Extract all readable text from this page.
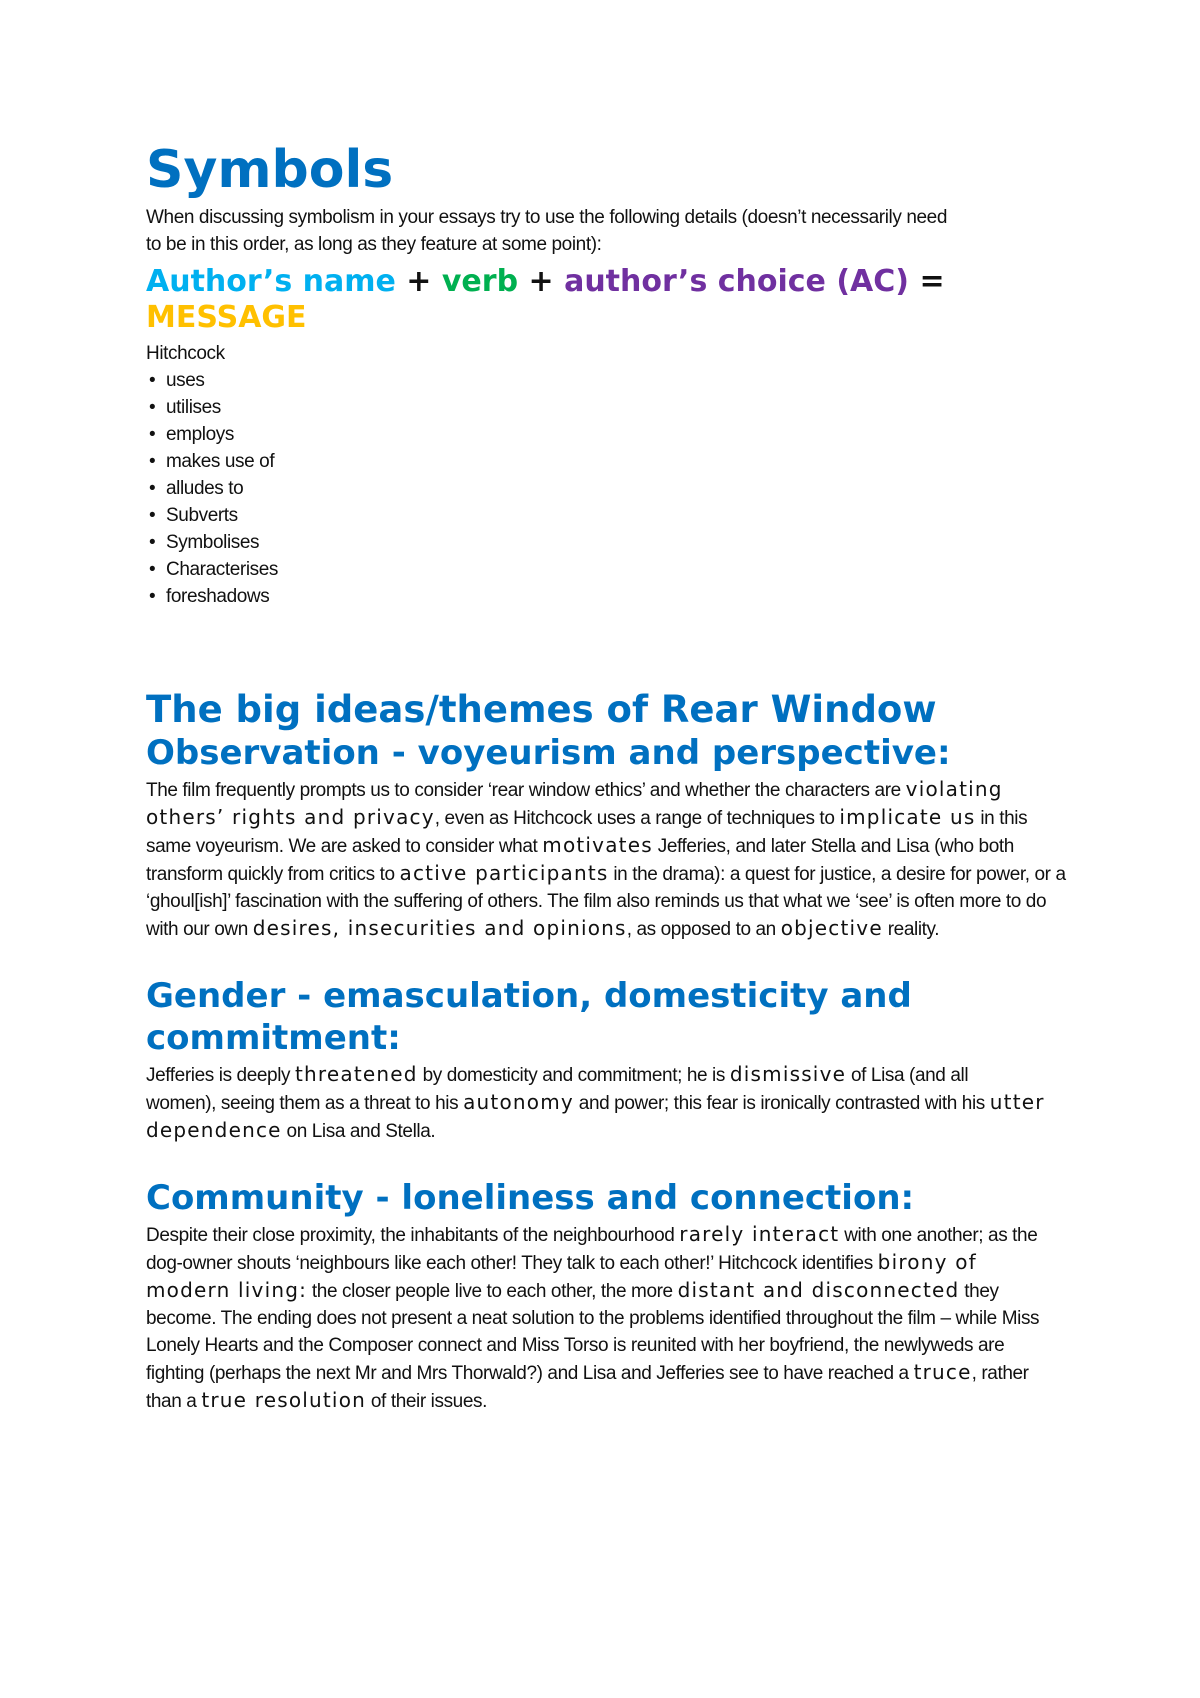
Symbols
When discussing symbolism in your essays try to use the following details (doesn’t necessarily need
to be in this order, as long as they feature at some point):
Author’s name + verb + author’s choice (AC) =
MESSAGE
Hitchcock
• uses
• utilises
• employs
• makes use of
• alludes to
• Subverts
• Symbolises
• Characterises
• foreshadows
The big ideas/themes of Rear Window
Observation - voyeurism and perspective:

The film frequently prompts us to consider ‘rear window ethics’ and whether the characters are violating others’ rights and privacy, even as Hitchcock uses a range of techniques to implicate us in this same voyeurism. We are asked to consider what motivates Jefferies, and later Stella and Lisa (who both transform quickly from critics to active participants in the drama): a quest for justice, a desire for power, or a ‘ghoul[ish]’ fascination with the suffering of others. The film also reminds us that what we ‘see’ is often more to do with our own desires, insecurities and opinions, as opposed to an objective reality.

Gender - emasculation, domesticity and commitment:

Jefferies is deeply threatened by domesticity and commitment; he is dismissive of Lisa (and all
women), seeing them as a threat to his autonomy and power; this fear is ironically contrasted with his utter dependence on Lisa and Stella.

Community - loneliness and connection:

Despite their close proximity, the inhabitants of the neighbourhood rarely interact with one another; as the dog-owner shouts ‘neighbours like each other! They talk to each other!’ Hitchcock identifies birony of modern living: the closer people live to each other, the more distant and disconnected they become. The ending does not present a neat solution to the problems identified throughout the film – while Miss Lonely Hearts and the Composer connect and Miss Torso is reunited with her boyfriend, the newlyweds are fighting (perhaps the next Mr and Mrs Thorwald?) and Lisa and Jefferies see to have reached a truce, rather than a true resolution of their issues.
